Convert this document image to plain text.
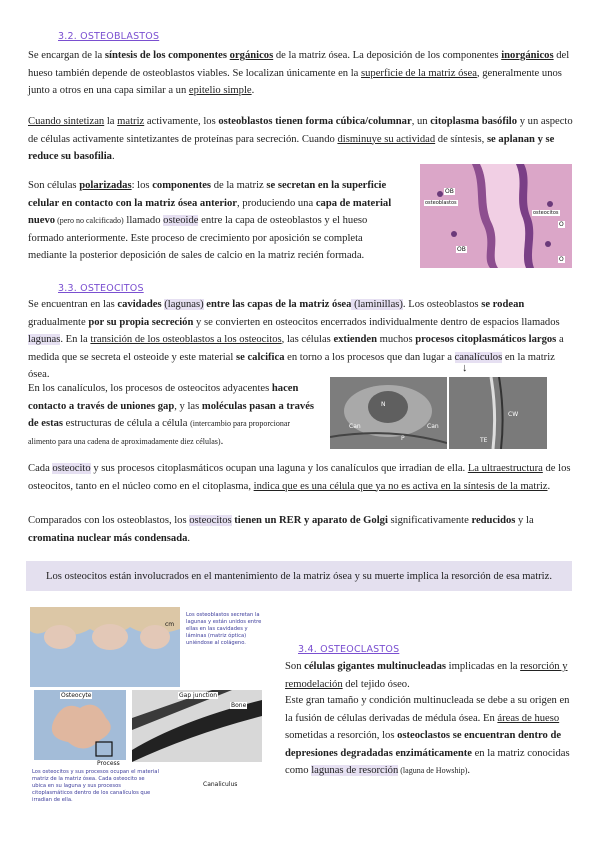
3.2. OSTEOBLASTOS

Se encargan de la síntesis de los componentes orgánicos de la matriz ósea. La deposición de los componentes inorgánicos del hueso también depende de osteoblastos viables. Se localizan únicamente en la superficie de la matriz ósea, generalmente unos junto a otros en una capa similar a un epitelio simple.

Cuando sintetizan la matriz activamente, los osteoblastos tienen forma cúbica/columnar, un citoplasma basófilo y un aspecto de células activamente sintetizantes de proteínas para secreción. Cuando disminuye su actividad de síntesis, se aplanan y se reduce su basofilia.

Son células polarizadas: los componentes de la matriz se secretan en la superficie celular en contacto con la matriz ósea anterior, produciendo una capa de material nuevo (pero no calcificado) llamado osteoide entre la capa de osteoblastos y el hueso formado anteriormente. Este proceso de crecimiento por aposición se completa mediante la posterior deposición de sales de calcio en la matriz recién formada.

OB
osteoblastos
osteocitos
O
OB
O
3.3. OSTEOCITOS

Se encuentran en las cavidades (lagunas) entre las capas de la matriz ósea (laminillas). Los osteoblastos se rodean gradualmente por su propia secreción y se convierten en osteocitos encerrados individualmente dentro de espacios llamados lagunas. En la transición de los osteoblastos a los osteocitos, las células extienden muchos procesos citoplasmáticos largos a medida que se secreta el osteoide y este material se calcifica en torno a los procesos que dan lugar a canalículos en la matriz ósea.

↓

En los canalículos, los procesos de osteocitos adyacentes hacen contacto a través de uniones gap, y las moléculas pasan a través de estas estructuras de célula a célula (intercambio para proporcionar alimento para una cadena de aproximadamente diez células).

N
Can	Can
P
CW
TE

Cada osteocito y sus procesos citoplasmáticos ocupan una laguna y los canalículos que irradian de ella. La ultraestructura de los osteocitos, tanto en el núcleo como en el citoplasma, indica que es una célula que ya no es activa en la síntesis de la matriz.

Comparados con los osteoblastos, los osteocitos tienen un RER y aparato de Golgi significativamente reducidos y la cromatina nuclear más condensada.

Los osteocitos están involucrados en el mantenimiento de la matriz ósea y su muerte implica la resorción de esa matriz.
cm
Los osteoblastos secretan la lagunas y están unidos entre ellas en las cavidades y láminas (matriz óptica) uniéndose al colágeno.
Osteocyte	Gap junction
Bone
Process
Canaliculus
Los osteocitos y sus procesos ocupan el material matriz de la matriz ósea. Cada osteocito se ubica en su laguna y sus procesos citoplasmáticos dentro de los canalículos que irradian de ella.
3.4. OSTEOCLASTOS

Son células gigantes multinucleadas implicadas en la resorción y remodelación del tejido óseo.

Este gran tamaño y condición multinucleada se debe a su origen en la fusión de células derivadas de médula ósea. En áreas de hueso sometidas a resorción, los osteoclastos se encuentran dentro de depresiones degradadas enzimáticamente en la matriz conocidas como lagunas de resorción (laguna de Howship).
